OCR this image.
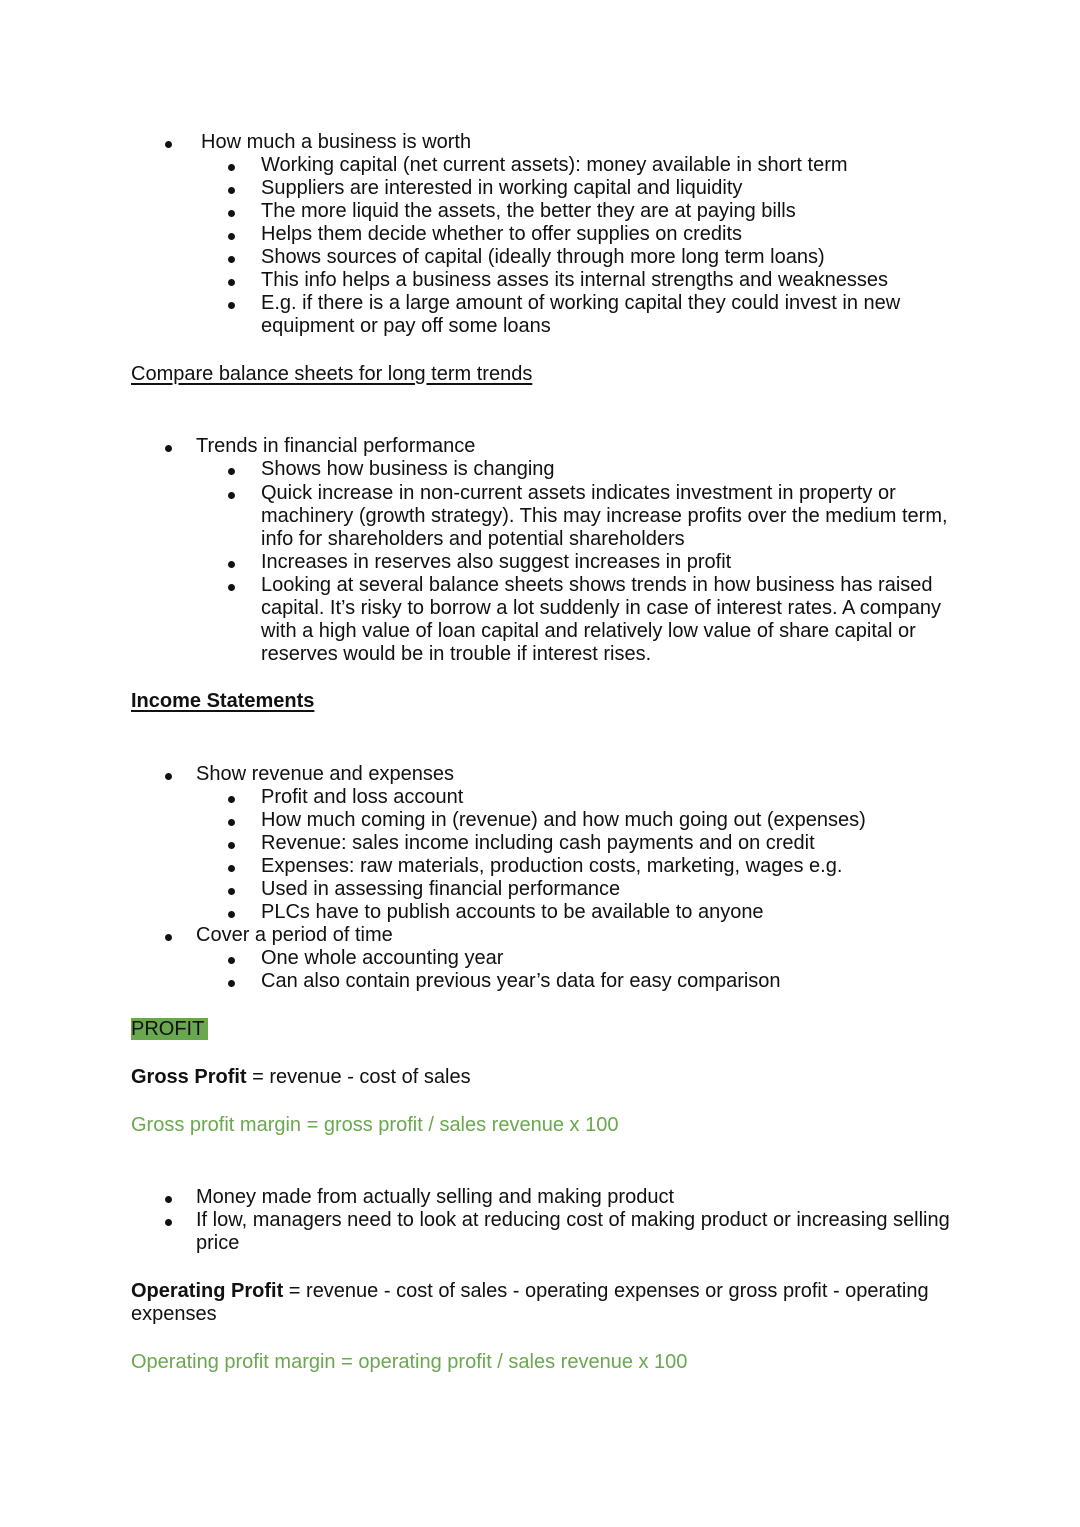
How much a business is worth
Working capital (net current assets): money available in short term
Suppliers are interested in working capital and liquidity
The more liquid the assets, the better they are at paying bills
Helps them decide whether to offer supplies on credits
Shows sources of capital (ideally through more long term loans)
This info helps a business asses its internal strengths and weaknesses
E.g. if there is a large amount of working capital they could invest in new
equipment or pay off some loans
Compare balance sheets for long term trends
Trends in financial performance
Shows how business is changing
Quick increase in non-current assets indicates investment in property or
machinery (growth strategy). This may increase profits over the medium term,
info for shareholders and potential shareholders
Increases in reserves also suggest increases in profit
Looking at several balance sheets shows trends in how business has raised
capital. It’s risky to borrow a lot suddenly in case of interest rates. A company
with a high value of loan capital and relatively low value of share capital or
reserves would be in trouble if interest rises.
Income Statements
Show revenue and expenses
Profit and loss account
How much coming in (revenue) and how much going out (expenses)
Revenue: sales income including cash payments and on credit
Expenses: raw materials, production costs, marketing, wages e.g.
Used in assessing financial performance
PLCs have to publish accounts to be available to anyone
Cover a period of time
One whole accounting year
Can also contain previous year’s data for easy comparison
PROFIT
Gross Profit = revenue - cost of sales
Gross profit margin = gross profit / sales revenue x 100
Money made from actually selling and making product
If low, managers need to look at reducing cost of making product or increasing selling
price
Operating Profit = revenue - cost of sales - operating expenses or gross profit - operating
expenses
Operating profit margin = operating profit / sales revenue x 100
